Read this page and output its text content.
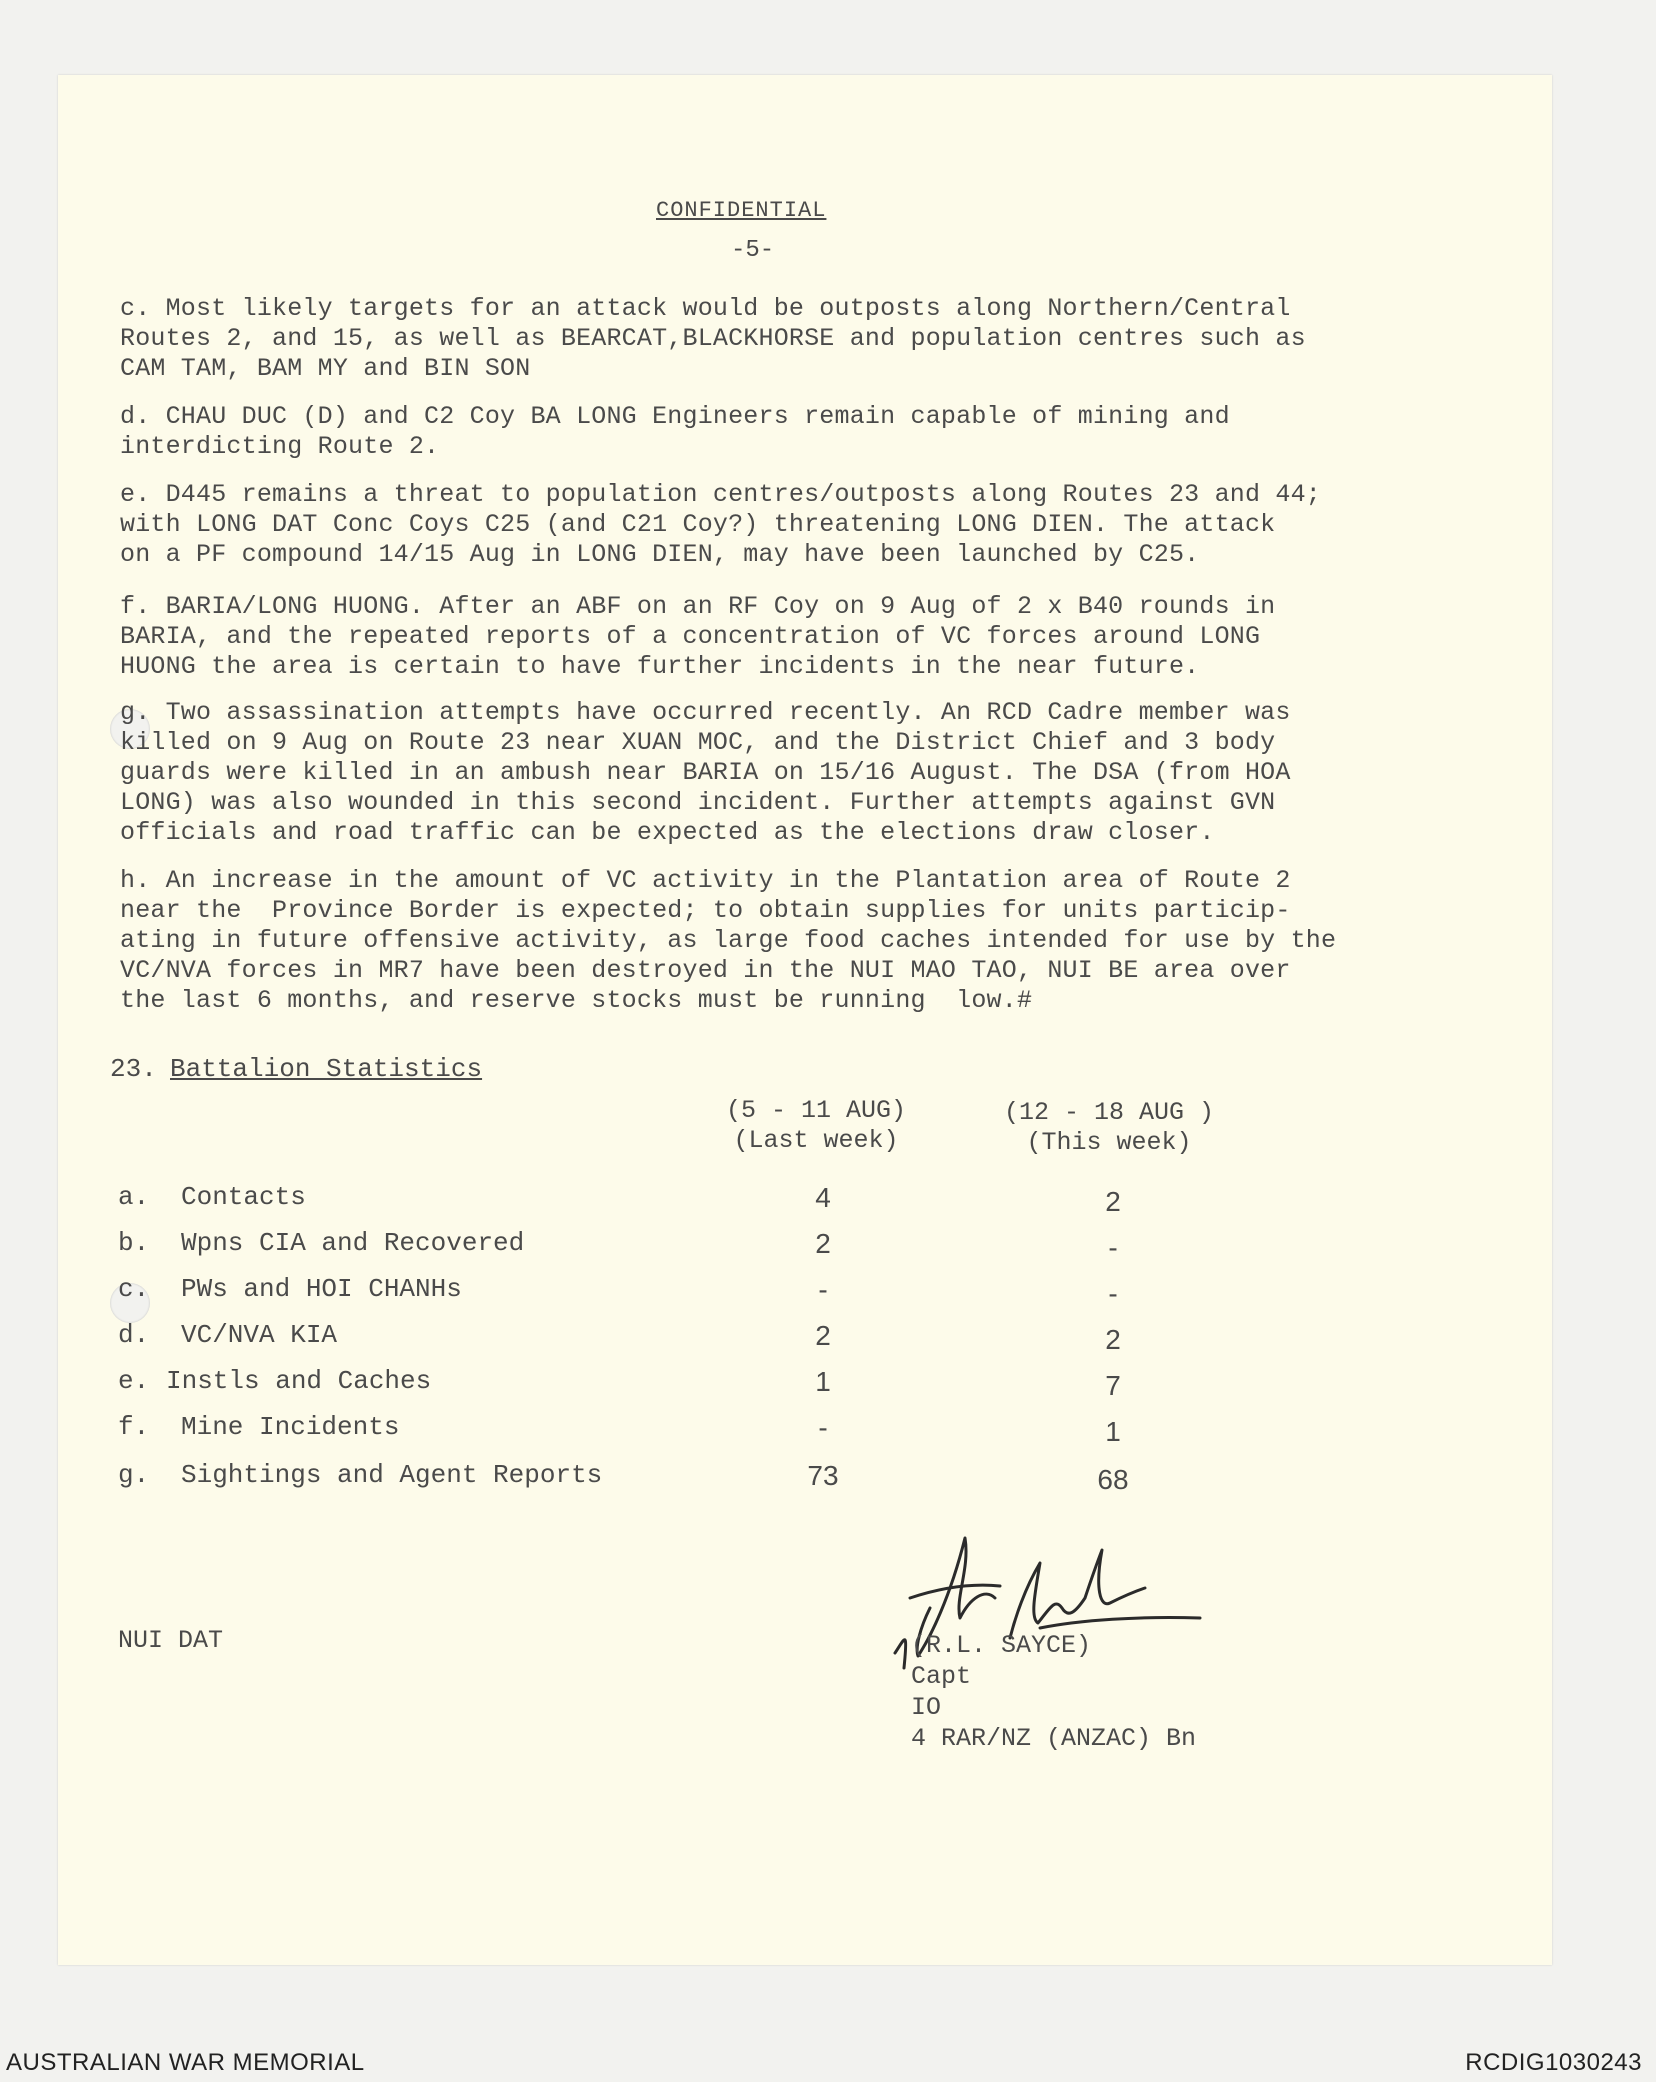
CONFIDENTIAL
-5-
c. Most likely targets for an attack would be outposts along Northern/Central
Routes 2, and 15, as well as BEARCAT,BLACKHORSE and population centres such as
CAM TAM, BAM MY and BIN SON
d. CHAU DUC (D) and C2 Coy BA LONG Engineers remain capable of mining and
interdicting Route 2.
e. D445 remains a threat to population centres/outposts along Routes 23 and 44;
with LONG DAT Conc Coys C25 (and C21 Coy?) threatening LONG DIEN. The attack
on a PF compound 14/15 Aug in LONG DIEN, may have been launched by C25.
f. BARIA/LONG HUONG. After an ABF on an RF Coy on 9 Aug of 2 x B40 rounds in
BARIA, and the repeated reports of a concentration of VC forces around LONG
HUONG the area is certain to have further incidents in the near future.
g. Two assassination attempts have occurred recently. An RCD Cadre member was
killed on 9 Aug on Route 23 near XUAN MOC, and the District Chief and 3 body
guards were killed in an ambush near BARIA on 15/16 August. The DSA (from HOA
LONG) was also wounded in this second incident. Further attempts against GVN
officials and road traffic can be expected as the elections draw closer.
h. An increase in the amount of VC activity in the Plantation area of Route 2
near the  Province Border is expected; to obtain supplies for units particip-
ating in future offensive activity, as large food caches intended for use by the
VC/NVA forces in MR7 have been destroyed in the NUI MAO TAO, NUI BE area over
the last 6 months, and reserve stocks must be running  low.#
23. Battalion Statistics
(5 - 11 AUG)
(Last week)
(12 - 18 AUG )
(This week)
a. Contacts	4	2
b. Wpns CIA and Recovered	2	-
c. PWs and HOI CHANHs	-	-
d. VC/NVA KIA	2	2
e. Instls and Caches	1	7
f. Mine Incidents	-	1
g. Sightings and Agent Reports	73	68
NUI DAT	(R.L. SAYCE)
Capt
IO
4 RAR/NZ (ANZAC) Bn
AUSTRALIAN WAR MEMORIAL	RCDIG1030243
